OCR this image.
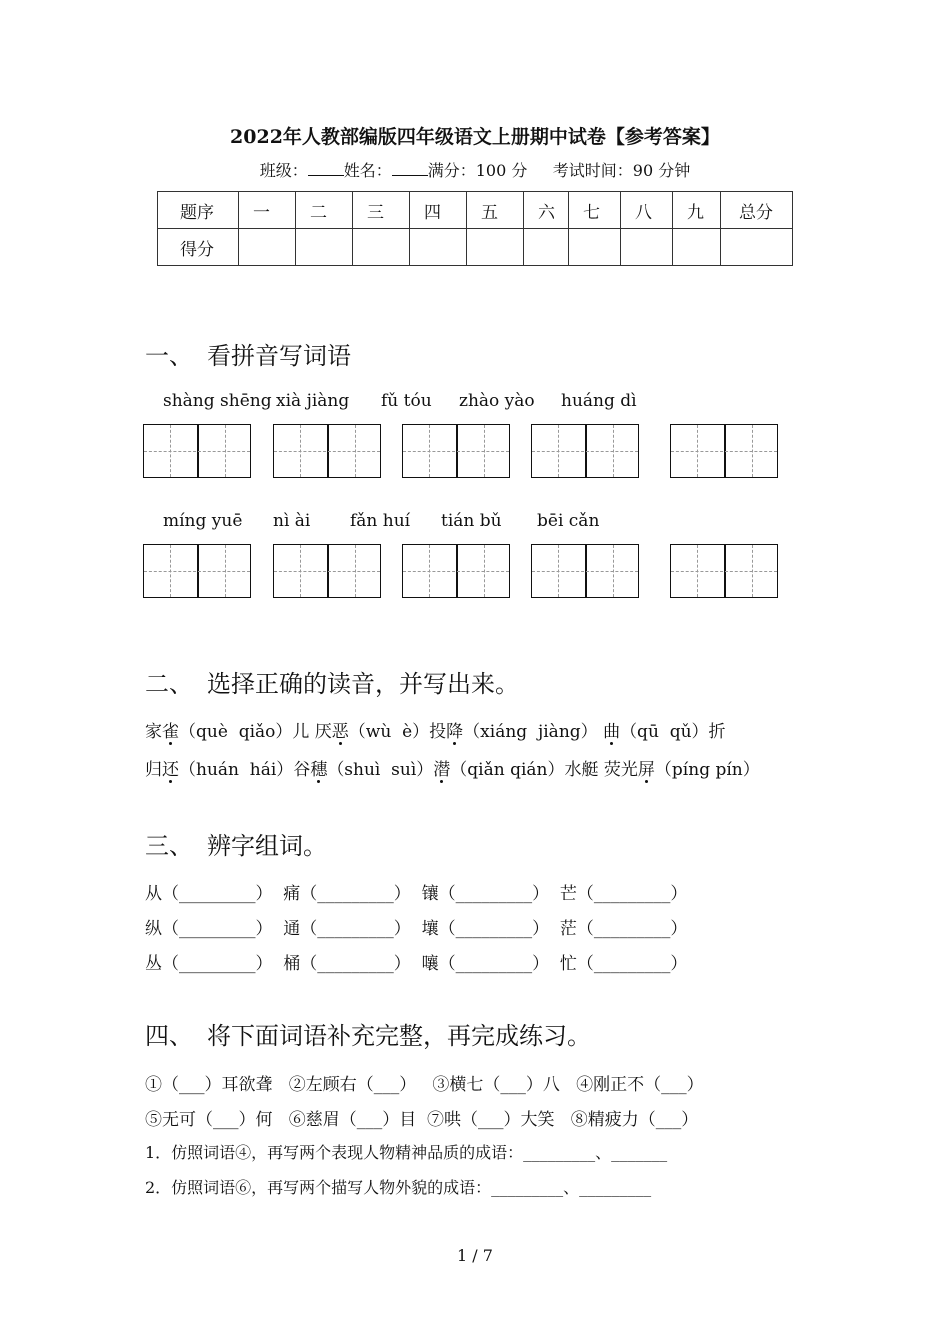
2022年人教部编版四年级语文上册期中试卷【参考答案】
班级： 姓名： 满分：100 分     考试时间：90 分钟
题序	一	二	三	四	五	六	七	八	九	总分
得分										
一、 看拼音写词语
shàng shēng xià jiàng fǔ tóu zhào yào huáng dì
míng yuē nì ài fǎn huí tián bǔ bēi cǎn
二、 选择正确的读音，并写出来。
家雀（què  qiǎo）儿 厌恶（wù  è）投降（xiáng  jiàng） 曲（qū  qǔ）折
归还（huán  hái）谷穗（shuì  suì）潜（qiǎn qián）水艇 荧光屏（píng pín）
三、 辨字组词。
从（_________）  痛（_________）  镶（_________）  芒（_________）
纵（_________）  通（_________）  壤（_________）  茫（_________）
丛（_________）  桶（_________）  嚷（_________）  忙（_________）
四、 将下面词语补充完整，再完成练习。
①（___）耳欲聋   ②左顾右（___）   ③横七（___）八   ④刚正不（___）
⑤无可（___）何   ⑥慈眉（___）目  ⑦哄（___）大笑   ⑧精疲力（___）
1．仿照词语④，再写两个表现人物精神品质的成语：_________、_______
2．仿照词语⑥，再写两个描写人物外貌的成语：_________、_________
1 / 7
